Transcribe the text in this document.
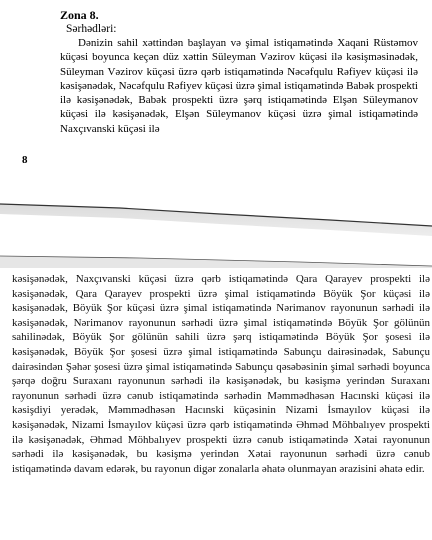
Zona 8.
Sərhədləri:

Dənizin sahil xəttindən başlayan və şimal istiqamətində Xaqani Rüstəmov küçəsi boyunca keçən düz xəttin Süleyman Vəzirov küçəsi ilə kəsişməsinədək, Süleyman Vəzirov küçəsi üzrə qərb istiqamətində Nəcəfqulu Rəfiyev küçəsi ilə kəsişənədək, Nəcəfqulu Rəfiyev küçəsi üzrə şimal istiqamətində Babək prospekti ilə kəsişənədək, Babək prospekti üzrə şərq istiqamətində Elşən Süleymanov küçəsi ilə kəsişənədək, Elşən Süleymanov küçəsi üzrə şimal istiqamətində Naxçıvanski küçəsi ilə

8

kəsişənədək, Naxçıvanski küçəsi üzrə qərb istiqamətində Qara Qarayev prospekti ilə kəsişənədək, Qara Qarayev prospekti üzrə şimal istiqamətində Böyük Şor küçəsi ilə kəsişənədək, Böyük Şor küçəsi üzrə şimal istiqamətində Nərimanov rayonunun sərhədi ilə kəsişənədək, Nərimanov rayonunun sərhədi üzrə şimal istiqamətində Böyük Şor gölünün sahilinədək, Böyük Şor gölünün sahili üzrə şərq istiqamətində Böyük Şor şosesi ilə kəsişənədək, Böyük Şor şosesi üzrə şimal istiqamətində Sabunçu dairəsinədək, Sabunçu dairəsindən Şəhər şosesi üzrə şimal istiqamətində Sabunçu qəsəbəsinin şimal sərhədi boyunca şərqə doğru Suraxanı rayonunun sərhədi ilə kəsişənədək, bu kəsişmə yerindən Suraxanı rayonunun sərhədi üzrə cənub istiqamətində sərhədin Məmmədhəsən Hacınski küçəsi ilə kəsişdiyi yerədək, Məmmədhəsən Hacınski küçəsinin Nizami İsmayılov küçəsi ilə kəsişənədək, Nizami İsmayılov küçəsi üzrə qərb istiqamətində Əhməd Möhbalıyev prospekti ilə kəsişənədək, Əhməd Möhbalıyev prospekti üzrə cənub istiqamətində Xətai rayonunun sərhədi ilə kəsişənədək, bu kəsişmə yerindən Xətai rayonunun sərhədi üzrə cənub istiqamətində davam edərək, bu rayonun digər zonalarla əhatə olunmayan ərazisini əhatə edir.
